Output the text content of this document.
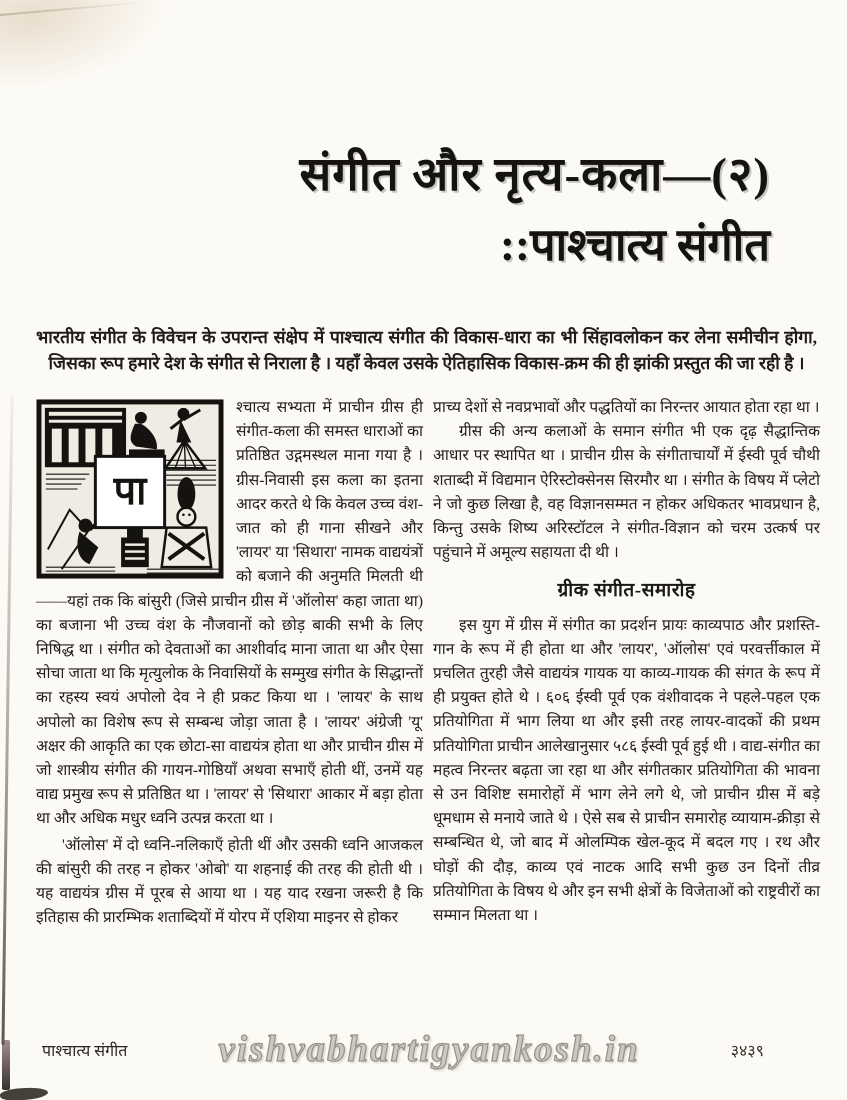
संगीत और नृत्य-कला—(२)
::पाश्चात्य संगीत

भारतीय संगीत के विवेचन के उपरान्त संक्षेप में पाश्चात्य संगीत की विकास-धारा का भी सिंहावलोकन कर लेना समीचीन होगा, जिसका रूप हमारे देश के संगीत से निराला है । यहाँ केवल उसके ऐतिहासिक विकास-क्रम की ही झांकी प्रस्तुत की जा रही है ।

पा

श्चात्य सभ्यता में प्राचीन ग्रीस ही संगीत-कला की समस्त धाराओं का प्रतिष्ठित उद्गमस्थल माना गया है । ग्रीस-निवासी इस कला का इतना आदर करते थे कि केवल उच्च वंश-जात को ही गाना सीखने और 'लायर' या 'सिथारा' नामक वाद्ययंत्रों को बजाने की अनुमति मिलती थी——यहां तक कि बांसुरी (जिसे प्राचीन ग्रीस में 'ऑलोस' कहा जाता था) का बजाना भी उच्च वंश के नौजवानों को छोड़ बाकी सभी के लिए निषिद्ध था । संगीत को देवताओं का आशीर्वाद माना जाता था और ऐसा सोचा जाता था कि मृत्युलोक के निवासियों के सम्मुख संगीत के सिद्धान्तों का रहस्य स्वयं अपोलो देव ने ही प्रकट किया था । 'लायर' के साथ अपोलो का विशेष रूप से सम्बन्ध जोड़ा जाता है । 'लायर' अंग्रेजी 'यू' अक्षर की आकृति का एक छोटा-सा वाद्ययंत्र होता था और प्राचीन ग्रीस में जो शास्त्रीय संगीत की गायन-गोष्ठियाँ अथवा सभाएँ होती थीं, उनमें यह वाद्य प्रमुख रूप से प्रतिष्ठित था । 'लायर' से 'सिथारा' आकार में बड़ा होता था और अधिक मधुर ध्वनि उत्पन्न करता था ।

'ऑलोस' में दो ध्वनि-नलिकाएँ होती थीं और उसकी ध्वनि आजकल की बांसुरी की तरह न होकर 'ओबो' या शहनाई की तरह की होती थी । यह वाद्ययंत्र ग्रीस में पूरब से आया था । यह याद रखना जरूरी है कि इतिहास की प्रारम्भिक शताब्दियों में योरप में एशिया माइनर से होकर

प्राच्य देशों से नवप्रभावों और पद्धतियों का निरन्तर आयात होता रहा था ।

ग्रीस की अन्य कलाओं के समान संगीत भी एक दृढ़ सैद्धान्तिक आधार पर स्थापित था । प्राचीन ग्रीस के संगीताचार्यों में ईस्वी पूर्व चौथी शताब्दी में विद्यमान ऐरिस्टोक्सेनस सिरमौर था । संगीत के विषय में प्लेटो ने जो कुछ लिखा है, वह विज्ञानसम्मत न होकर अधिकतर भावप्रधान है, किन्तु उसके शिष्य अरिस्टॉटल ने संगीत-विज्ञान को चरम उत्कर्ष पर पहुंचाने में अमूल्य सहायता दी थी ।

ग्रीक संगीत-समारोह

इस युग में ग्रीस में संगीत का प्रदर्शन प्रायः काव्यपाठ और प्रशस्ति-गान के रूप में ही होता था और 'लायर', 'ऑलोस' एवं परवर्त्तीकाल में प्रचलित तुरही जैसे वाद्ययंत्र गायक या काव्य-गायक की संगत के रूप में ही प्रयुक्त होते थे । ६०६ ईस्वी पूर्व एक वंशीवादक ने पहले-पहल एक प्रतियोगिता में भाग लिया था और इसी तरह लायर-वादकों की प्रथम प्रतियोगिता प्राचीन आलेखानुसार ५८६ ईस्वी पूर्व हुई थी । वाद्य-संगीत का महत्व निरन्तर बढ़ता जा रहा था और संगीतकार प्रतियोगिता की भावना से उन विशिष्ट समारोहों में भाग लेने लगे थे, जो प्राचीन ग्रीस में बड़े धूमधाम से मनाये जाते थे । ऐसे सब से प्राचीन समारोह व्यायाम-क्रीड़ा से सम्बन्धित थे, जो बाद में ओलम्पिक खेल-कूद में बदल गए । रथ और घोड़ों की दौड़, काव्य एवं नाटक आदि सभी कुछ उन दिनों तीव्र प्रतियोगिता के विषय थे और इन सभी क्षेत्रों के विजेताओं को राष्ट्रवीरों का सम्मान मिलता था ।

पाश्चात्य संगीत	vishvabhartigyankosh.in	३४३९
